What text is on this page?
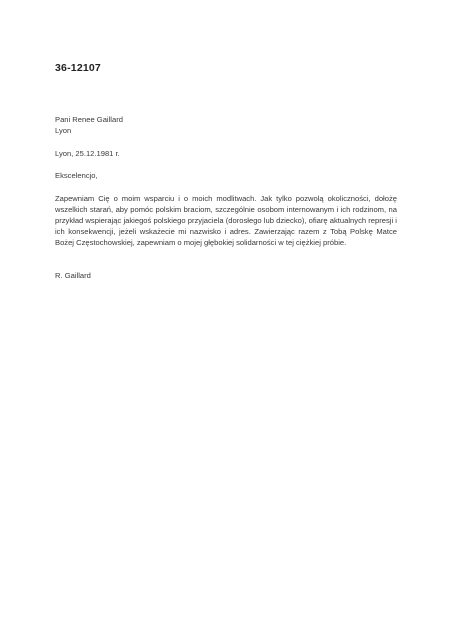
36-12107
Pani Renee Gaillard
Lyon

Lyon, 25.12.1981 r.

Ekscelencjo,

Zapewniam Cię o moim wsparciu i o moich modlitwach. Jak tylko pozwolą okoliczności, dołożę wszelkich starań, aby pomóc polskim braciom, szczególnie osobom internowanym i ich rodzinom, na przykład wspierając jakiegoś polskiego przyjaciela (dorosłego lub dziecko), ofiarę aktualnych represji i ich konsekwencji, jeżeli wskażecie mi nazwisko i adres. Zawierzając razem z Tobą Polskę Matce Bożej Częstochowskiej, zapewniam o mojej głębokiej solidarności w tej ciężkiej próbie.

R. Gaillard
